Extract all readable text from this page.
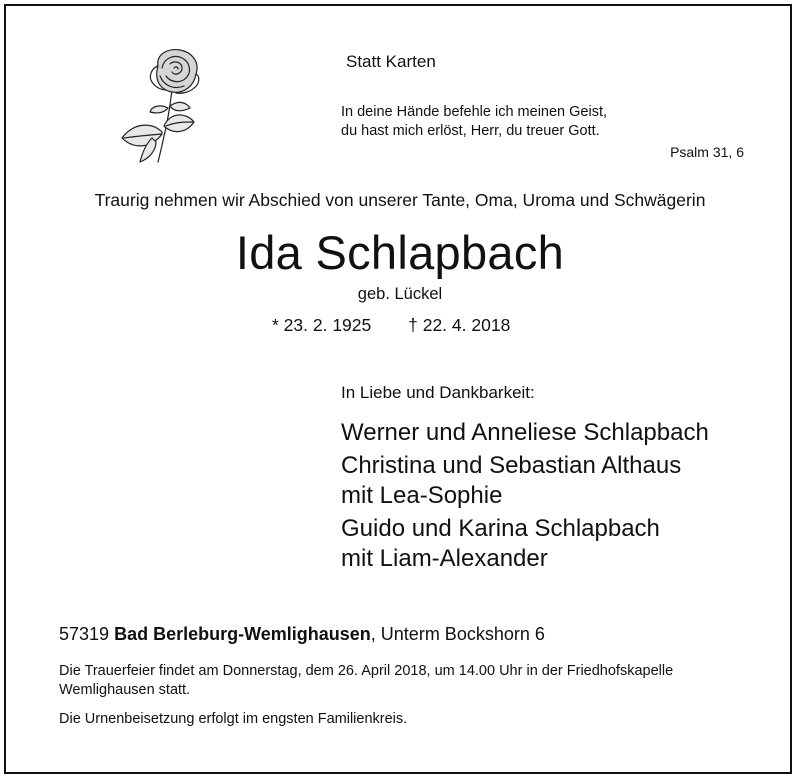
Statt Karten
In deine Hände befehle ich meinen Geist,
du hast mich erlöst, Herr, du treuer Gott.
Psalm 31, 6
Traurig nehmen wir Abschied von unserer Tante, Oma, Uroma und Schwägerin
Ida Schlapbach
geb. Lückel
* 23. 2. 1925 † 22. 4. 2018
In Liebe und Dankbarkeit:
Werner und Anneliese Schlapbach
Christina und Sebastian Althaus
mit Lea-Sophie
Guido und Karina Schlapbach
mit Liam-Alexander
57319 Bad Berleburg-Wemlighausen, Unterm Bockshorn 6
Die Trauerfeier findet am Donnerstag, dem 26. April 2018, um 14.00 Uhr in der Friedhofskapelle
Wemlighausen statt.
Die Urnenbeisetzung erfolgt im engsten Familienkreis.
